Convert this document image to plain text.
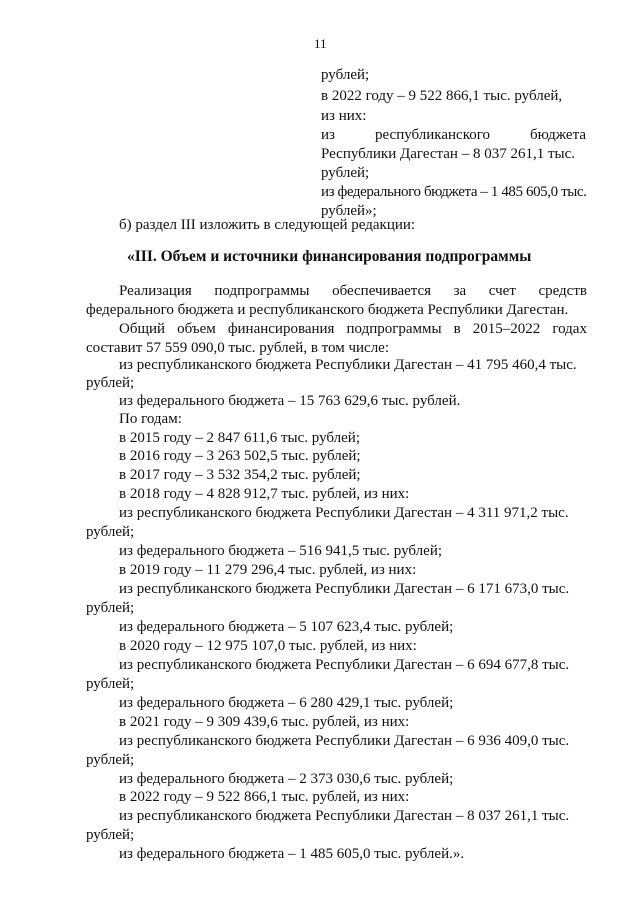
11
рублей;
в 2022 году – 9 522 866,1 тыс. рублей,
из них:
из	республиканского	бюджета
Республики Дагестан – 8 037 261,1 тыс.
рублей;
из федерального бюджета – 1 485 605,0 тыс.
рублей»;
б) раздел III изложить в следующей редакции:
«III. Объем и источники финансирования подпрограммы
Реализация подпрограммы обеспечивается за счет средств
федерального бюджета и республиканского бюджета Республики Дагестан.
Общий объем финансирования подпрограммы в 2015–2022 годах
составит 57 559 090,0 тыс. рублей, в том числе:
из республиканского бюджета Республики Дагестан – 41 795 460,4 тыс.
рублей;
из федерального бюджета – 15 763 629,6 тыс. рублей.
По годам:
в 2015 году – 2 847 611,6 тыс. рублей;
в 2016 году – 3 263 502,5 тыс. рублей;
в 2017 году – 3 532 354,2 тыс. рублей;
в 2018 году – 4 828 912,7 тыс. рублей, из них:
из республиканского бюджета Республики Дагестан – 4 311 971,2 тыс.
рублей;
из федерального бюджета – 516 941,5 тыс. рублей;
в 2019 году – 11 279 296,4 тыс. рублей, из них:
из республиканского бюджета Республики Дагестан – 6 171 673,0 тыс.
рублей;
из федерального бюджета – 5 107 623,4 тыс. рублей;
в 2020 году – 12 975 107,0 тыс. рублей, из них:
из республиканского бюджета Республики Дагестан – 6 694 677,8 тыс.
рублей;
из федерального бюджета – 6 280 429,1 тыс. рублей;
в 2021 году – 9 309 439,6 тыс. рублей, из них:
из республиканского бюджета Республики Дагестан – 6 936 409,0 тыс.
рублей;
из федерального бюджета – 2 373 030,6 тыс. рублей;
в 2022 году – 9 522 866,1 тыс. рублей, из них:
из республиканского бюджета Республики Дагестан – 8 037 261,1 тыс.
рублей;
из федерального бюджета – 1 485 605,0 тыс. рублей.».
